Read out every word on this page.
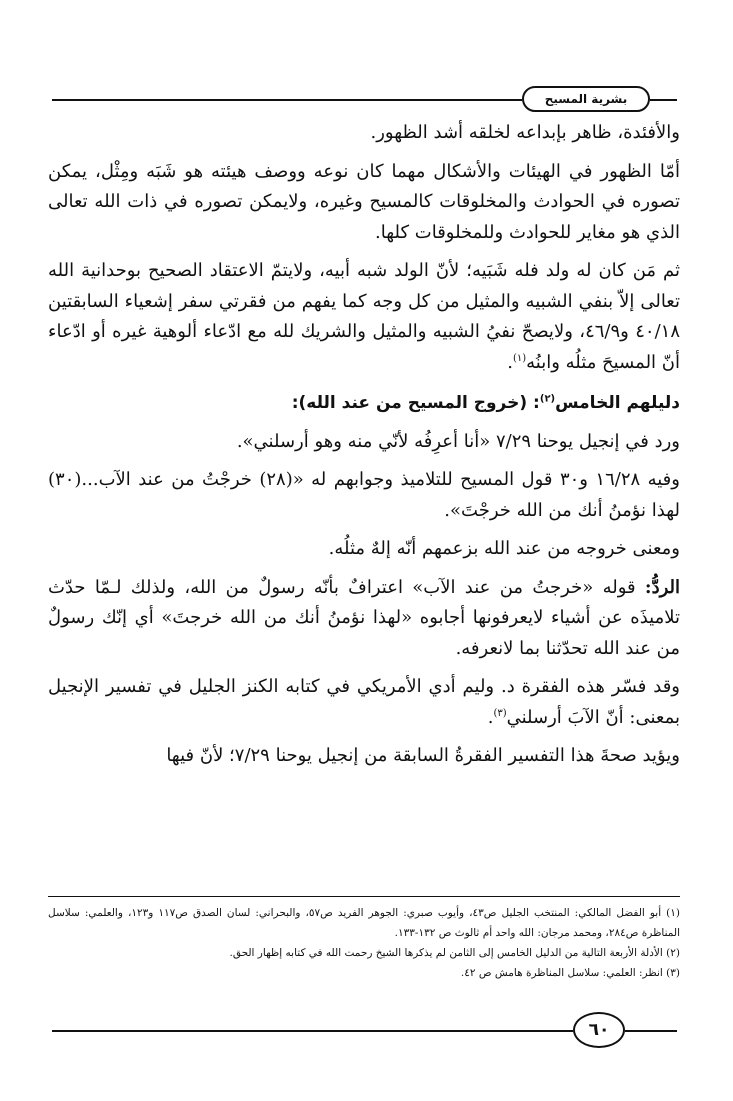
بشرية المسيح

والأفئدة، ظاهر بإبداعه لخلقه أشد الظهور.

أمّا الظهور في الهيئات والأشكال مهما كان نوعه ووصف هيئته هو شَبَه ومِثْل، يمكن تصوره في الحوادث والمخلوقات كالمسيح وغيره، ولايمكن تصوره في ذات الله تعالى الذي هو مغاير للحوادث وللمخلوقات كلها.

ثم مَن كان له ولد فله شَبَيه؛ لأنّ الولد شبه أبيه، ولايتمّ الاعتقاد الصحيح بوحدانية الله تعالى إلاّ بنفي الشبيه والمثيل من كل وجه كما يفهم من فقرتي سفر إشعياء السابقتين ٤٠/١٨ و٤٦/٩، ولايصحّ نفيُ الشبيه والمثيل والشريك لله مع ادّعاء ألوهية غيره أو ادّعاء أنّ المسيحَ مثلُه وابنُه$^{(١)}$.

دليلهم الخامس$^{(٢)}$: (خروج المسيح من عند الله):

ورد في إنجيل يوحنا ٧/٢٩ «أنا أعرِفُه لأنّي منه وهو أرسلني».

وفيه ١٦/٢٨ و٣٠ قول المسيح للتلاميذ وجوابهم له «(٢٨) خرجْتُ من عند الآب...(٣٠) لهذا نؤمنُ أنك من الله خرجْتَ».

ومعنى خروجه من عند الله بزعمهم أنّه إلهٌ مثلُه.

الردُّ: قوله «خرجتُ من عند الآب» اعترافٌ بأنّه رسولٌ من الله، ولذلك لـمّا حدّث تلاميذَه عن أشياء لايعرفونها أجابوه «لهذا نؤمنُ أنك من الله خرجتَ» أي إنّك رسولٌ من عند الله تحدّثنا بما لانعرفه.

وقد فسّر هذه الفقرة د. وليم أدي الأمريكي في كتابه الكنز الجليل في تفسير الإنجيل بمعنى: أنّ الآبَ أرسلني$^{(٣)}$.

ويؤيد صحةَ هذا التفسير الفقرةُ السابقة من إنجيل يوحنا ٧/٢٩؛ لأنّ فيها

(١) أبو الفضل المالكي: المنتخب الجليل ص٤٣، وأيوب صبري: الجوهر الفريد ص٥٧، والبحراني: لسان الصدق ص١١٧ و١٢٣، والعلمي: سلاسل المناظرة ص٢٨٤، ومحمد مرجان: الله واحد أم ثالوث ص ١٣٢-١٣٣.

(٢) الأدلة الأربعة التالية من الدليل الخامس إلى الثامن لم يذكرها الشيخ رحمت الله في كتابه إظهار الحق.

(٣) انظر: العلمي: سلاسل المناظرة هامش ص ٤٢.

٦٠
